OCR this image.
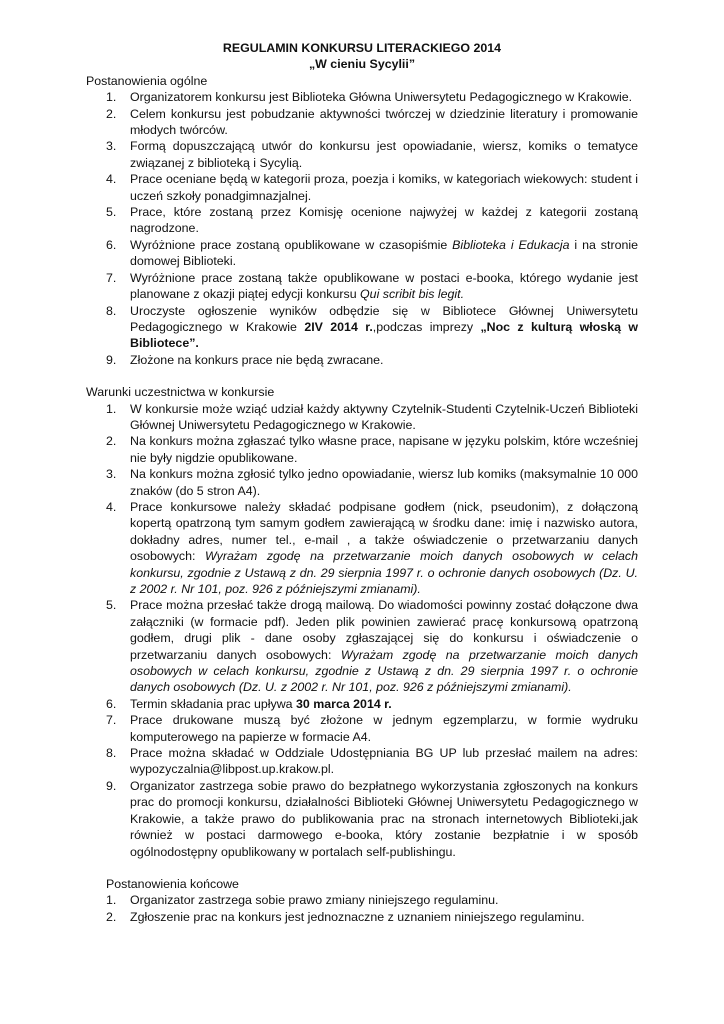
REGULAMIN KONKURSU LITERACKIEGO 2014

„W cieniu Sycylii”

Postanowienia ogólne

1. Organizatorem konkursu jest Biblioteka Główna Uniwersytetu Pedagogicznego w Krakowie.
2. Celem konkursu jest pobudzanie aktywności twórczej w dziedzinie literatury i promowanie młodych twórców.
3. Formą dopuszczającą utwór do konkursu jest opowiadanie, wiersz, komiks o tematyce związanej z biblioteką i Sycylią.
4. Prace oceniane będą w kategorii proza, poezja i komiks, w kategoriach wiekowych: student i uczeń szkoły ponadgimnazjalnej.
5. Prace, które zostaną przez Komisję ocenione najwyżej w każdej z kategorii zostaną nagrodzone.
6. Wyróżnione prace zostaną opublikowane w czasopiśmie Biblioteka i Edukacja i na stronie domowej Biblioteki.
7. Wyróżnione prace zostaną także opublikowane w postaci e-booka, którego wydanie jest planowane z okazji piątej edycji konkursu Qui scribit bis legit.
8. Uroczyste ogłoszenie wyników odbędzie się w Bibliotece Głównej Uniwersytetu Pedagogicznego w Krakowie 2IV 2014 r.,podczas imprezy „Noc z kulturą włoską w Bibliotece”.
9. Złożone na konkurs prace nie będą zwracane.

Warunki uczestnictwa w konkursie

1. W konkursie może wziąć udział każdy aktywny Czytelnik-Studenti Czytelnik-Uczeń Biblioteki Głównej Uniwersytetu Pedagogicznego w Krakowie.
2. Na konkurs można zgłaszać tylko własne prace, napisane w języku polskim, które wcześniej nie były nigdzie opublikowane.
3. Na konkurs można zgłosić tylko jedno opowiadanie, wiersz lub komiks (maksymalnie 10 000 znaków (do 5 stron A4).
4. Prace konkursowe należy składać podpisane godłem (nick, pseudonim), z dołączoną kopertą opatrzoną tym samym godłem zawierającą w środku dane: imię i nazwisko autora, dokładny adres, numer tel., e-mail , a także oświadczenie o przetwarzaniu danych osobowych: Wyrażam zgodę na przetwarzanie moich danych osobowych w celach konkursu, zgodnie z Ustawą z dn. 29 sierpnia 1997 r. o ochronie danych osobowych (Dz. U. z 2002 r. Nr 101, poz. 926 z późniejszymi zmianami).
5. Prace można przesłać także drogą mailową. Do wiadomości powinny zostać dołączone dwa załączniki (w formacie pdf). Jeden plik powinien zawierać pracę konkursową opatrzoną godłem, drugi plik - dane osoby zgłaszającej się do konkursu i oświadczenie o przetwarzaniu danych osobowych: Wyrażam zgodę na przetwarzanie moich danych osobowych w celach konkursu, zgodnie z Ustawą z dn. 29 sierpnia 1997 r. o ochronie danych osobowych (Dz. U. z 2002 r. Nr 101, poz. 926 z późniejszymi zmianami).
6. Termin składania prac upływa 30 marca 2014 r.
7. Prace drukowane muszą być złożone w jednym egzemplarzu, w formie wydruku komputerowego na papierze w formacie A4.
8. Prace można składać w Oddziale Udostępniania BG UP lub przesłać mailem na adres: wypozyczalnia@libpost.up.krakow.pl.
9. Organizator zastrzega sobie prawo do bezpłatnego wykorzystania zgłoszonych na konkurs prac do promocji konkursu, działalności Biblioteki Głównej Uniwersytetu Pedagogicznego w Krakowie, a także prawo do publikowania prac na stronach internetowych Biblioteki,jak również w postaci darmowego e-booka, który zostanie bezpłatnie i w sposób ogólnodostępny opublikowany w portalach self-publishingu.

Postanowienia końcowe

1. Organizator zastrzega sobie prawo zmiany niniejszego regulaminu.
2. Zgłoszenie prac na konkurs jest jednoznaczne z uznaniem niniejszego regulaminu.
